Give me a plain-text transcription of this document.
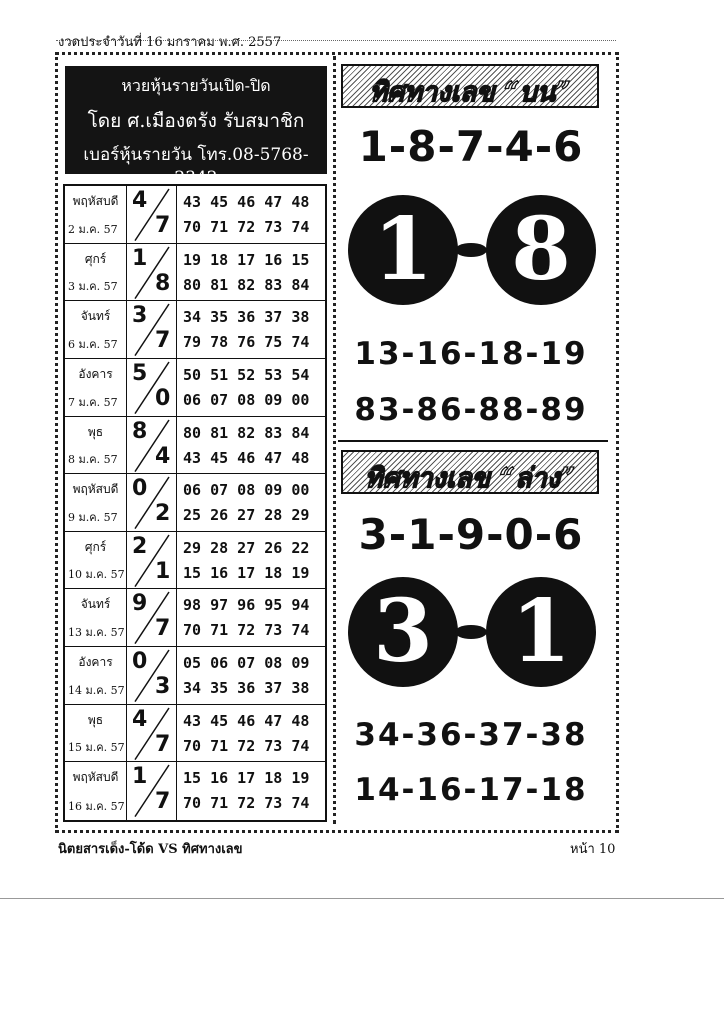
งวดประจำวันที่ 16 มกราคม พ.ศ. 2557
หวยหุ้นรายวันเปิด-ปิด
โดย ศ.เมืองตรัง รับสมาชิก
เบอร์หุ้นรายวัน โทร.08-5768-2342
พฤหัสบดี
2 ม.ค. 57
4
7
43 45 46 47 48
70 71 72 73 74
ศุกร์
3 ม.ค. 57
1
8
19 18 17 16 15
80 81 82 83 84
จันทร์
6 ม.ค. 57
3
7
34 35 36 37 38
79 78 76 75 74
อังคาร
7 ม.ค. 57
5
0
50 51 52 53 54
06 07 08 09 00
พุธ
8 ม.ค. 57
8
4
80 81 82 83 84
43 45 46 47 48
พฤหัสบดี
9 ม.ค. 57
0
2
06 07 08 09 00
25 26 27 28 29
ศุกร์
10 ม.ค. 57
2
1
29 28 27 26 22
15 16 17 18 19
จันทร์
13 ม.ค. 57
9
7
98 97 96 95 94
70 71 72 73 74
อังคาร
14 ม.ค. 57
0
3
05 06 07 08 09
34 35 36 37 38
พุธ
15 ม.ค. 57
4
7
43 45 46 47 48
70 71 72 73 74
พฤหัสบดี
16 ม.ค. 57
1
7
15 16 17 18 19
70 71 72 73 74
ทิศทางเลข “บน”
1-8-7-4-6
1 8
13-16-18-19
83-86-88-89
ทิศทางเลข “ล่าง”
3-1-9-0-6
3 1
34-36-37-38
14-16-17-18
นิตยสารเด็ง-โด้ด VS ทิศทางเลข	หน้า 10
